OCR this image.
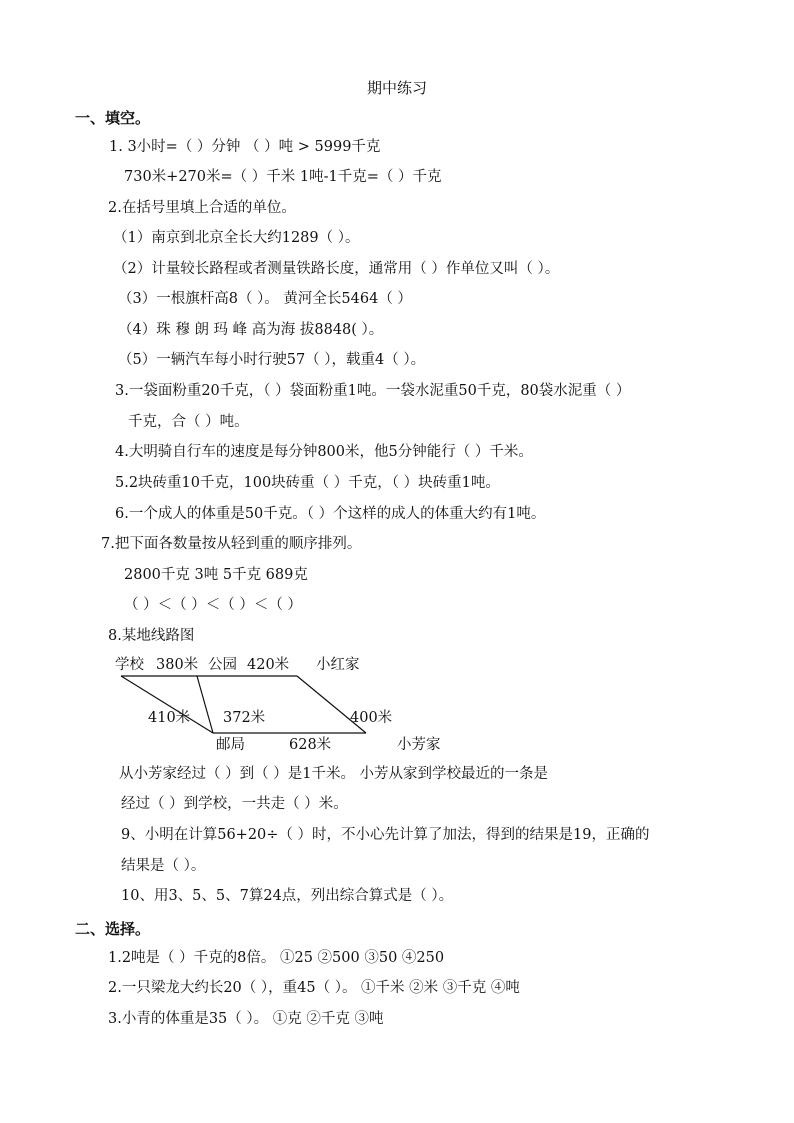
期中练习
一、填空。
1. 3小时=（ ）分钟 （ ）吨 > 5999千克
730米+270米=（ ）千米 1吨-1千克=（ ）千克
2.在括号里填上合适的单位。
（1）南京到北京全长大约1289（ ）。
（2）计量较长路程或者测量铁路长度，通常用（ ）作单位又叫（ ）。
（3）一根旗杆高8（ ）。 黄河全长5464（ ）
（4）珠 穆 朗 玛 峰 高为海 拔8848( ）。
（5）一辆汽车每小时行驶57（ ），载重4（ ）。
3.一袋面粉重20千克，（ ）袋面粉重1吨。一袋水泥重50千克，80袋水泥重（ ）
千克，合（ ）吨。
4.大明骑自行车的速度是每分钟800米，他5分钟能行（ ）千米。
5.2块砖重10千克，100块砖重（ ）千克，（ ）块砖重1吨。
6.一个成人的体重是50千克。（ ）个这样的成人的体重大约有1吨。
7.把下面各数量按从轻到重的顺序排列。
2800千克 3吨 5千克 689克
（ ）＜（ ）＜（ ）＜（ ）
8.某地线路图
学校 380米 公园 420米 小红家
410米 372米	400米
邮局	628米	小芳家
从小芳家经过（ ）到（ ）是1千米。 小芳从家到学校最近的一条是
经过（ ）到学校，一共走（ ）米。
9、小明在计算56+20÷（ ）时，不小心先计算了加法，得到的结果是19，正确的
结果是（ ）。
10、用3、5、5、7算24点，列出综合算式是（ ）。
二、选择。
1.2吨是（ ）千克的8倍。 ①25 ②500 ③50 ④250
2.一只梁龙大约长20（ ），重45（ ）。 ①千米 ②米 ③千克 ④吨
3.小青的体重是35（ ）。 ①克 ②千克 ③吨
